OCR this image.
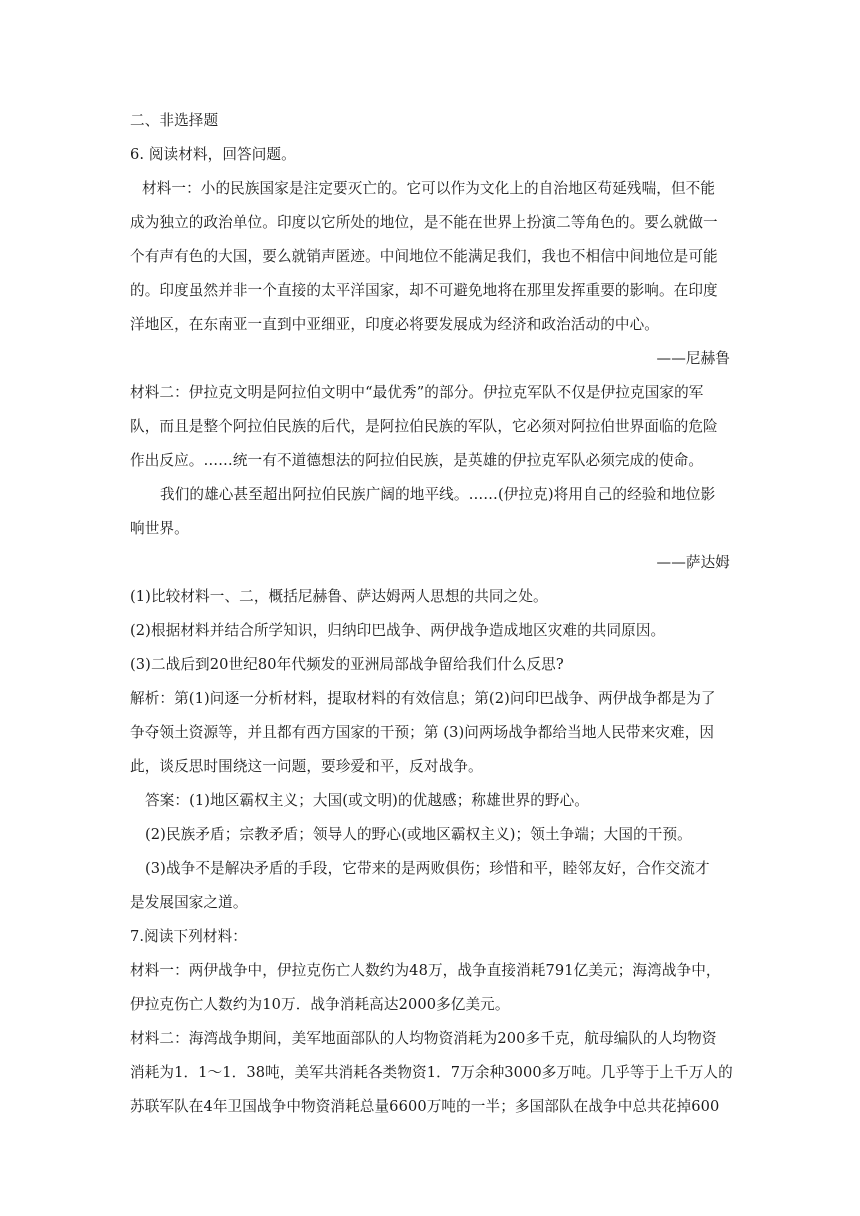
二、非选择题
6. 阅读材料，回答问题。
材料一：小的民族国家是注定要灭亡的。它可以作为文化上的自治地区苟延残喘，但不能
成为独立的政治单位。印度以它所处的地位，是不能在世界上扮演二等角色的。要么就做一
个有声有色的大国，要么就销声匿迹。中间地位不能满足我们，我也不相信中间地位是可能
的。印度虽然并非一个直接的太平洋国家，却不可避免地将在那里发挥重要的影响。在印度
洋地区，在东南亚一直到中亚细亚，印度必将要发展成为经济和政治活动的中心。
——尼赫鲁
材料二：伊拉克文明是阿拉伯文明中“最优秀”的部分。伊拉克军队不仅是伊拉克国家的军
队，而且是整个阿拉伯民族的后代，是阿拉伯民族的军队，它必须对阿拉伯世界面临的危险
作出反应。……统一有不道德想法的阿拉伯民族，是英雄的伊拉克军队必须完成的使命。
我们的雄心甚至超出阿拉伯民族广阔的地平线。……(伊拉克)将用自己的经验和地位影
响世界。
——萨达姆
(1)比较材料一、二，概括尼赫鲁、萨达姆两人思想的共同之处。
(2)根据材料并结合所学知识，归纳印巴战争、两伊战争造成地区灾难的共同原因。
(3)二战后到20世纪80年代频发的亚洲局部战争留给我们什么反思?
解析：第(1)问逐一分析材料，提取材料的有效信息；第(2)问印巴战争、两伊战争都是为了
争夺领土资源等，并且都有西方国家的干预；第 (3)问两场战争都给当地人民带来灾难，因
此，谈反思时围绕这一问题，要珍爱和平，反对战争。
答案：(1)地区霸权主义；大国(或文明)的优越感；称雄世界的野心。
(2)民族矛盾；宗教矛盾；领导人的野心(或地区霸权主义)；领土争端；大国的干预。
(3)战争不是解决矛盾的手段，它带来的是两败俱伤；珍惜和平，睦邻友好，合作交流才
是发展国家之道。
7.阅读下列材料：
材料一：两伊战争中，伊拉克伤亡人数约为48万，战争直接消耗791亿美元；海湾战争中，
伊拉克伤亡人数约为10万．战争消耗高达2000多亿美元。
材料二：海湾战争期间，美军地面部队的人均物资消耗为200多千克，航母编队的人均物资
消耗为1．1～1．38吨，美军共消耗各类物资1．7万余种3000多万吨。几乎等于上千万人的
苏联军队在4年卫国战争中物资消耗总量6600万吨的一半；多国部队在战争中总共花掉600
